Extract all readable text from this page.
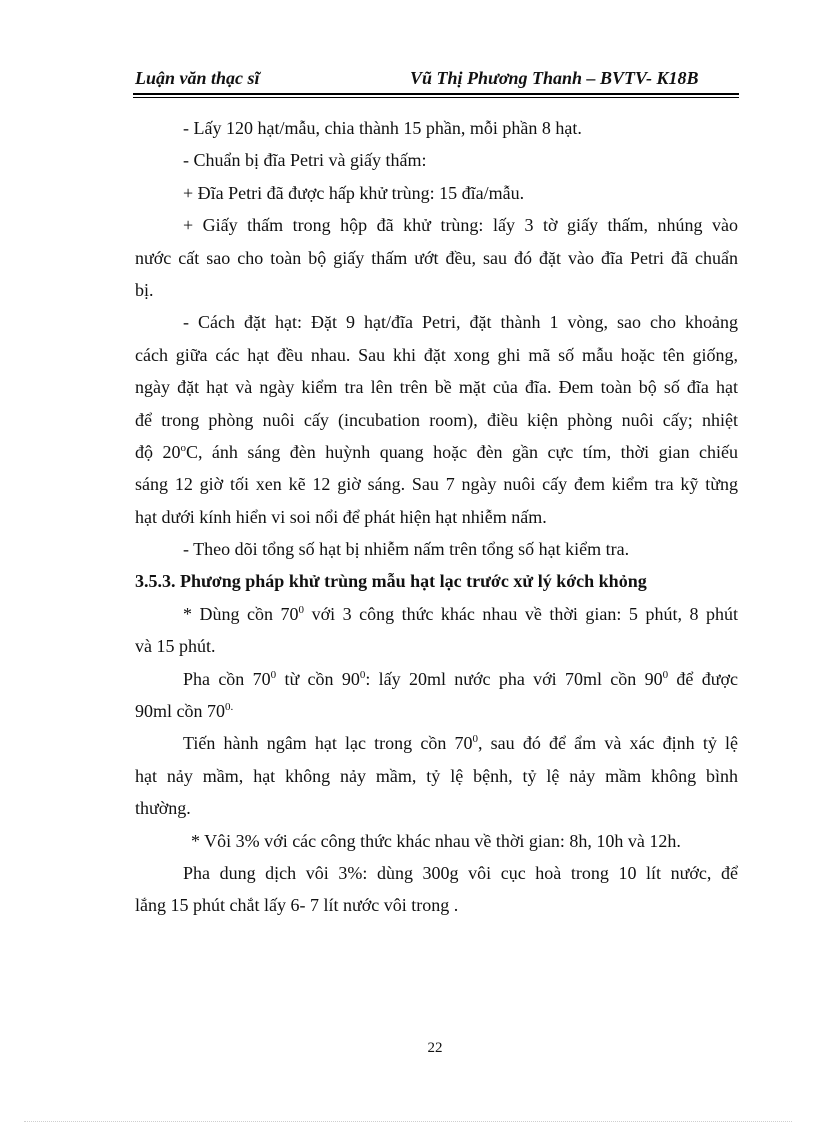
Luận văn thạc sĩ	Vũ Thị Phương Thanh – BVTV- K18B
- Lấy 120 hạt/mẫu, chia thành 15 phần, mỗi phần 8 hạt.
- Chuẩn bị đĩa Petri và giấy thấm:
+ Đĩa Petri đã được hấp khử trùng: 15 đĩa/mẫu.
+ Giấy thấm trong hộp đã khử trùng: lấy 3 tờ giấy thấm, nhúng vào
nước cất sao cho toàn bộ giấy thấm ướt đều, sau đó đặt vào đĩa Petri đã chuẩn
bị.
- Cách đặt hạt: Đặt 9 hạt/đĩa Petri, đặt thành 1 vòng, sao cho khoảng
cách giữa các hạt đều nhau. Sau khi đặt xong ghi mã số mẫu hoặc tên giống,
ngày đặt hạt và ngày kiểm tra lên trên bề mặt của đĩa. Đem toàn bộ số đĩa hạt
để trong phòng nuôi cấy (incubation room), điều kiện phòng nuôi cấy; nhiệt
độ 20$^o$C, ánh sáng đèn huỳnh quang hoặc đèn gần cực tím, thời gian chiếu
sáng 12 giờ tối xen kẽ 12 giờ sáng. Sau 7 ngày nuôi cấy đem kiểm tra kỹ từng
hạt dưới kính hiển vi soi nổi để phát hiện hạt nhiễm nấm.
- Theo dõi tổng số hạt bị nhiễm nấm trên tổng số hạt kiểm tra.
3.5.3. Phương pháp khử trùng mẫu hạt lạc trước xử lý kớch khỏng
* Dùng cồn $70^0$ với 3 công thức khác nhau về thời gian: 5 phút, 8 phút
và 15 phút.
Pha cồn $70^0$ từ cồn $90^0$: lấy 20ml nước pha với 70ml cồn $90^0$ để được
90ml cồn $70^{0.}$
Tiến hành ngâm hạt lạc trong cồn $70^0$, sau đó để ẩm và xác định tỷ lệ
hạt nảy mầm, hạt không nảy mầm, tỷ lệ bệnh, tỷ lệ nảy mầm không bình
thường.
* Vôi 3% với các công thức khác nhau về thời gian: 8h, 10h và 12h.
Pha dung dịch vôi 3%: dùng 300g vôi cục hoà trong 10 lít nước, để
lắng 15 phút chắt lấy 6- 7 lít nước vôi trong .
22
